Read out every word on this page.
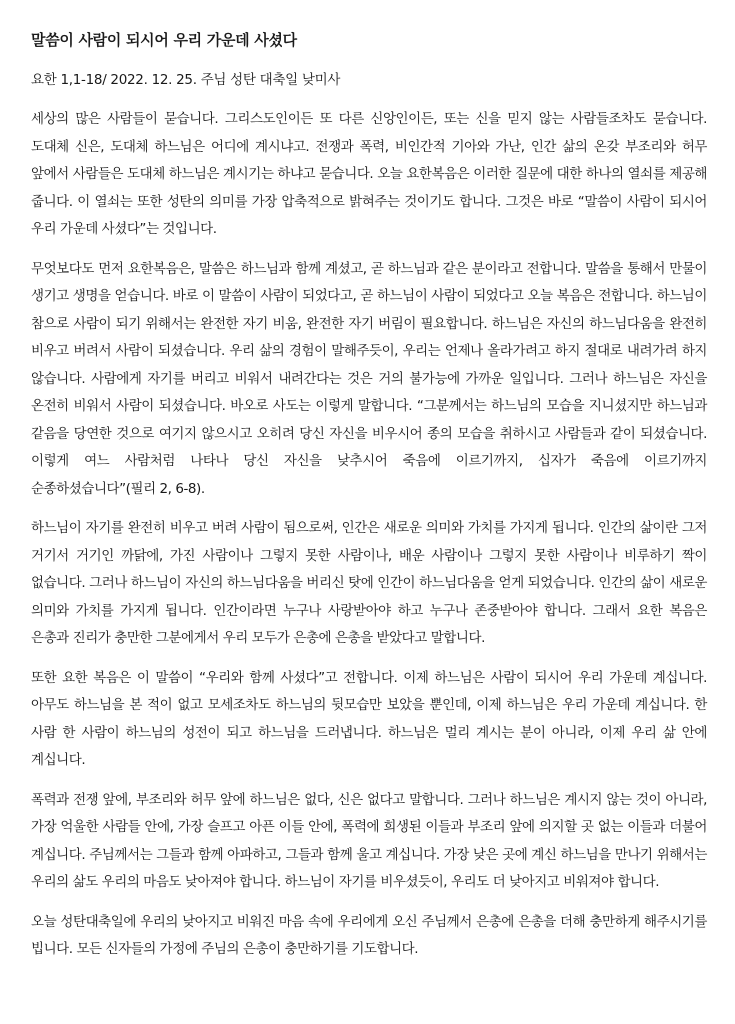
말씀이 사람이 되시어 우리 가운데 사셨다
요한 1,1-18/ 2022. 12. 25. 주님 성탄 대축일 낮미사

세상의 많은 사람들이 묻습니다. 그리스도인이든 또 다른 신앙인이든, 또는 신을 믿지 않는 사람들조차도 묻습니다. 도대체 신은, 도대체 하느님은 어디에 계시냐고. 전쟁과 폭력, 비인간적 기아와 가난, 인간 삶의 온갖 부조리와 허무 앞에서 사람들은 도대체 하느님은 계시기는 하냐고 묻습니다. 오늘 요한복음은 이러한 질문에 대한 하나의 열쇠를 제공해 줍니다. 이 열쇠는 또한 성탄의 의미를 가장 압축적으로 밝혀주는 것이기도 합니다. 그것은 바로 “말씀이 사람이 되시어 우리 가운데 사셨다”는 것입니다.

무엇보다도 먼저 요한복음은, 말씀은 하느님과 함께 계셨고, 곧 하느님과 같은 분이라고 전합니다. 말씀을 통해서 만물이 생기고 생명을 얻습니다. 바로 이 말씀이 사람이 되었다고, 곧 하느님이 사람이 되었다고 오늘 복음은 전합니다. 하느님이 참으로 사람이 되기 위해서는 완전한 자기 비움, 완전한 자기 버림이 필요합니다. 하느님은 자신의 하느님다움을 완전히 비우고 버려서 사람이 되셨습니다. 우리 삶의 경험이 말해주듯이, 우리는 언제나 올라가려고 하지 절대로 내려가려 하지 않습니다. 사람에게 자기를 버리고 비워서 내려간다는 것은 거의 불가능에 가까운 일입니다. 그러나 하느님은 자신을 온전히 비워서 사람이 되셨습니다. 바오로 사도는 이렇게 말합니다. “그분께서는 하느님의 모습을 지니셨지만 하느님과 같음을 당연한 것으로 여기지 않으시고 오히려 당신 자신을 비우시어 종의 모습을 취하시고 사람들과 같이 되셨습니다. 이렇게 여느 사람처럼 나타나 당신 자신을 낮추시어 죽음에 이르기까지, 십자가 죽음에 이르기까지 순종하셨습니다”(필리 2, 6-8).

하느님이 자기를 완전히 비우고 버려 사람이 됨으로써, 인간은 새로운 의미와 가치를 가지게 됩니다. 인간의 삶이란 그저 거기서 거기인 까닭에, 가진 사람이나 그렇지 못한 사람이나, 배운 사람이나 그렇지 못한 사람이나 비루하기 짝이 없습니다. 그러나 하느님이 자신의 하느님다움을 버리신 탓에 인간이 하느님다움을 얻게 되었습니다. 인간의 삶이 새로운 의미와 가치를 가지게 됩니다. 인간이라면 누구나 사랑받아야 하고 누구나 존중받아야 합니다. 그래서 요한 복음은 은총과 진리가 충만한 그분에게서 우리 모두가 은총에 은총을 받았다고 말합니다.

또한 요한 복음은 이 말씀이 “우리와 함께 사셨다”고 전합니다. 이제 하느님은 사람이 되시어 우리 가운데 계십니다. 아무도 하느님을 본 적이 없고 모세조차도 하느님의 뒷모습만 보았을 뿐인데, 이제 하느님은 우리 가운데 계십니다. 한 사람 한 사람이 하느님의 성전이 되고 하느님을 드러냅니다. 하느님은 멀리 계시는 분이 아니라, 이제 우리 삶 안에 계십니다.

폭력과 전쟁 앞에, 부조리와 허무 앞에 하느님은 없다, 신은 없다고 말합니다. 그러나 하느님은 계시지 않는 것이 아니라, 가장 억울한 사람들 안에, 가장 슬프고 아픈 이들 안에, 폭력에 희생된 이들과 부조리 앞에 의지할 곳 없는 이들과 더불어 계십니다. 주님께서는 그들과 함께 아파하고, 그들과 함께 울고 계십니다. 가장 낮은 곳에 계신 하느님을 만나기 위해서는 우리의 삶도 우리의 마음도 낮아져야 합니다. 하느님이 자기를 비우셨듯이, 우리도 더 낮아지고 비워져야 합니다.

오늘 성탄대축일에 우리의 낮아지고 비워진 마음 속에 우리에게 오신 주님께서 은총에 은총을 더해 충만하게 해주시기를 빕니다. 모든 신자들의 가정에 주님의 은총이 충만하기를 기도합니다.
